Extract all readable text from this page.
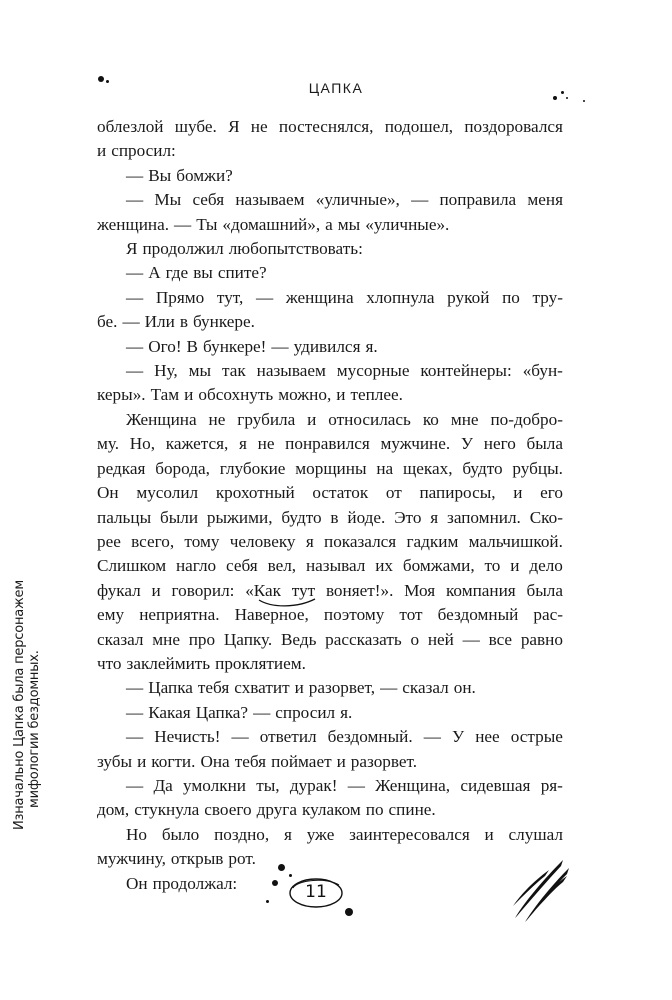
ЦАПКА
облезлой шубе. Я не постеснялся, подошел, поздоровался
и спросил:
— Вы бомжи?
— Мы себя называем «уличные», — поправила меня
женщина. — Ты «домашний», а мы «уличные».
Я продолжил любопытствовать:
— А где вы спите?
— Прямо тут, — женщина хлопнула рукой по тру-
бе. — Или в бункере.
— Ого! В бункере! — удивился я.
— Ну, мы так называем мусорные контейнеры: «бун-
керы». Там и обсохнуть можно, и теплее.
Женщина не грубила и относилась ко мне по-добро-
му. Но, кажется, я не понравился мужчине. У него была
редкая борода, глубокие морщины на щеках, будто рубцы.
Он мусолил крохотный остаток от папиросы, и его
пальцы были рыжими, будто в йоде. Это я запомнил. Ско-
рее всего, тому человеку я показался гадким мальчишкой.
Слишком нагло себя вел, называл их бомжами, то и дело
фукал и говорил: «Как тут воняет!». Моя компания была
ему неприятна. Наверное, поэтому тот бездомный рас-
сказал мне про Цапку. Ведь рассказать о ней — все равно
что заклеймить проклятием.
— Цапка тебя схватит и разорвет, — сказал он.
— Какая Цапка? — спросил я.
— Нечисть! — ответил бездомный. — У нее острые
зубы и когти. Она тебя поймает и разорвет.
— Да умолкни ты, дурак! — Женщина, сидевшая ря-
дом, стукнула своего друга кулаком по спине.
Но было поздно, я уже заинтересовался и слушал
мужчину, открыв рот.
Он продолжал:
Изначально Цапка была персонажем мифологии бездомных.
11
